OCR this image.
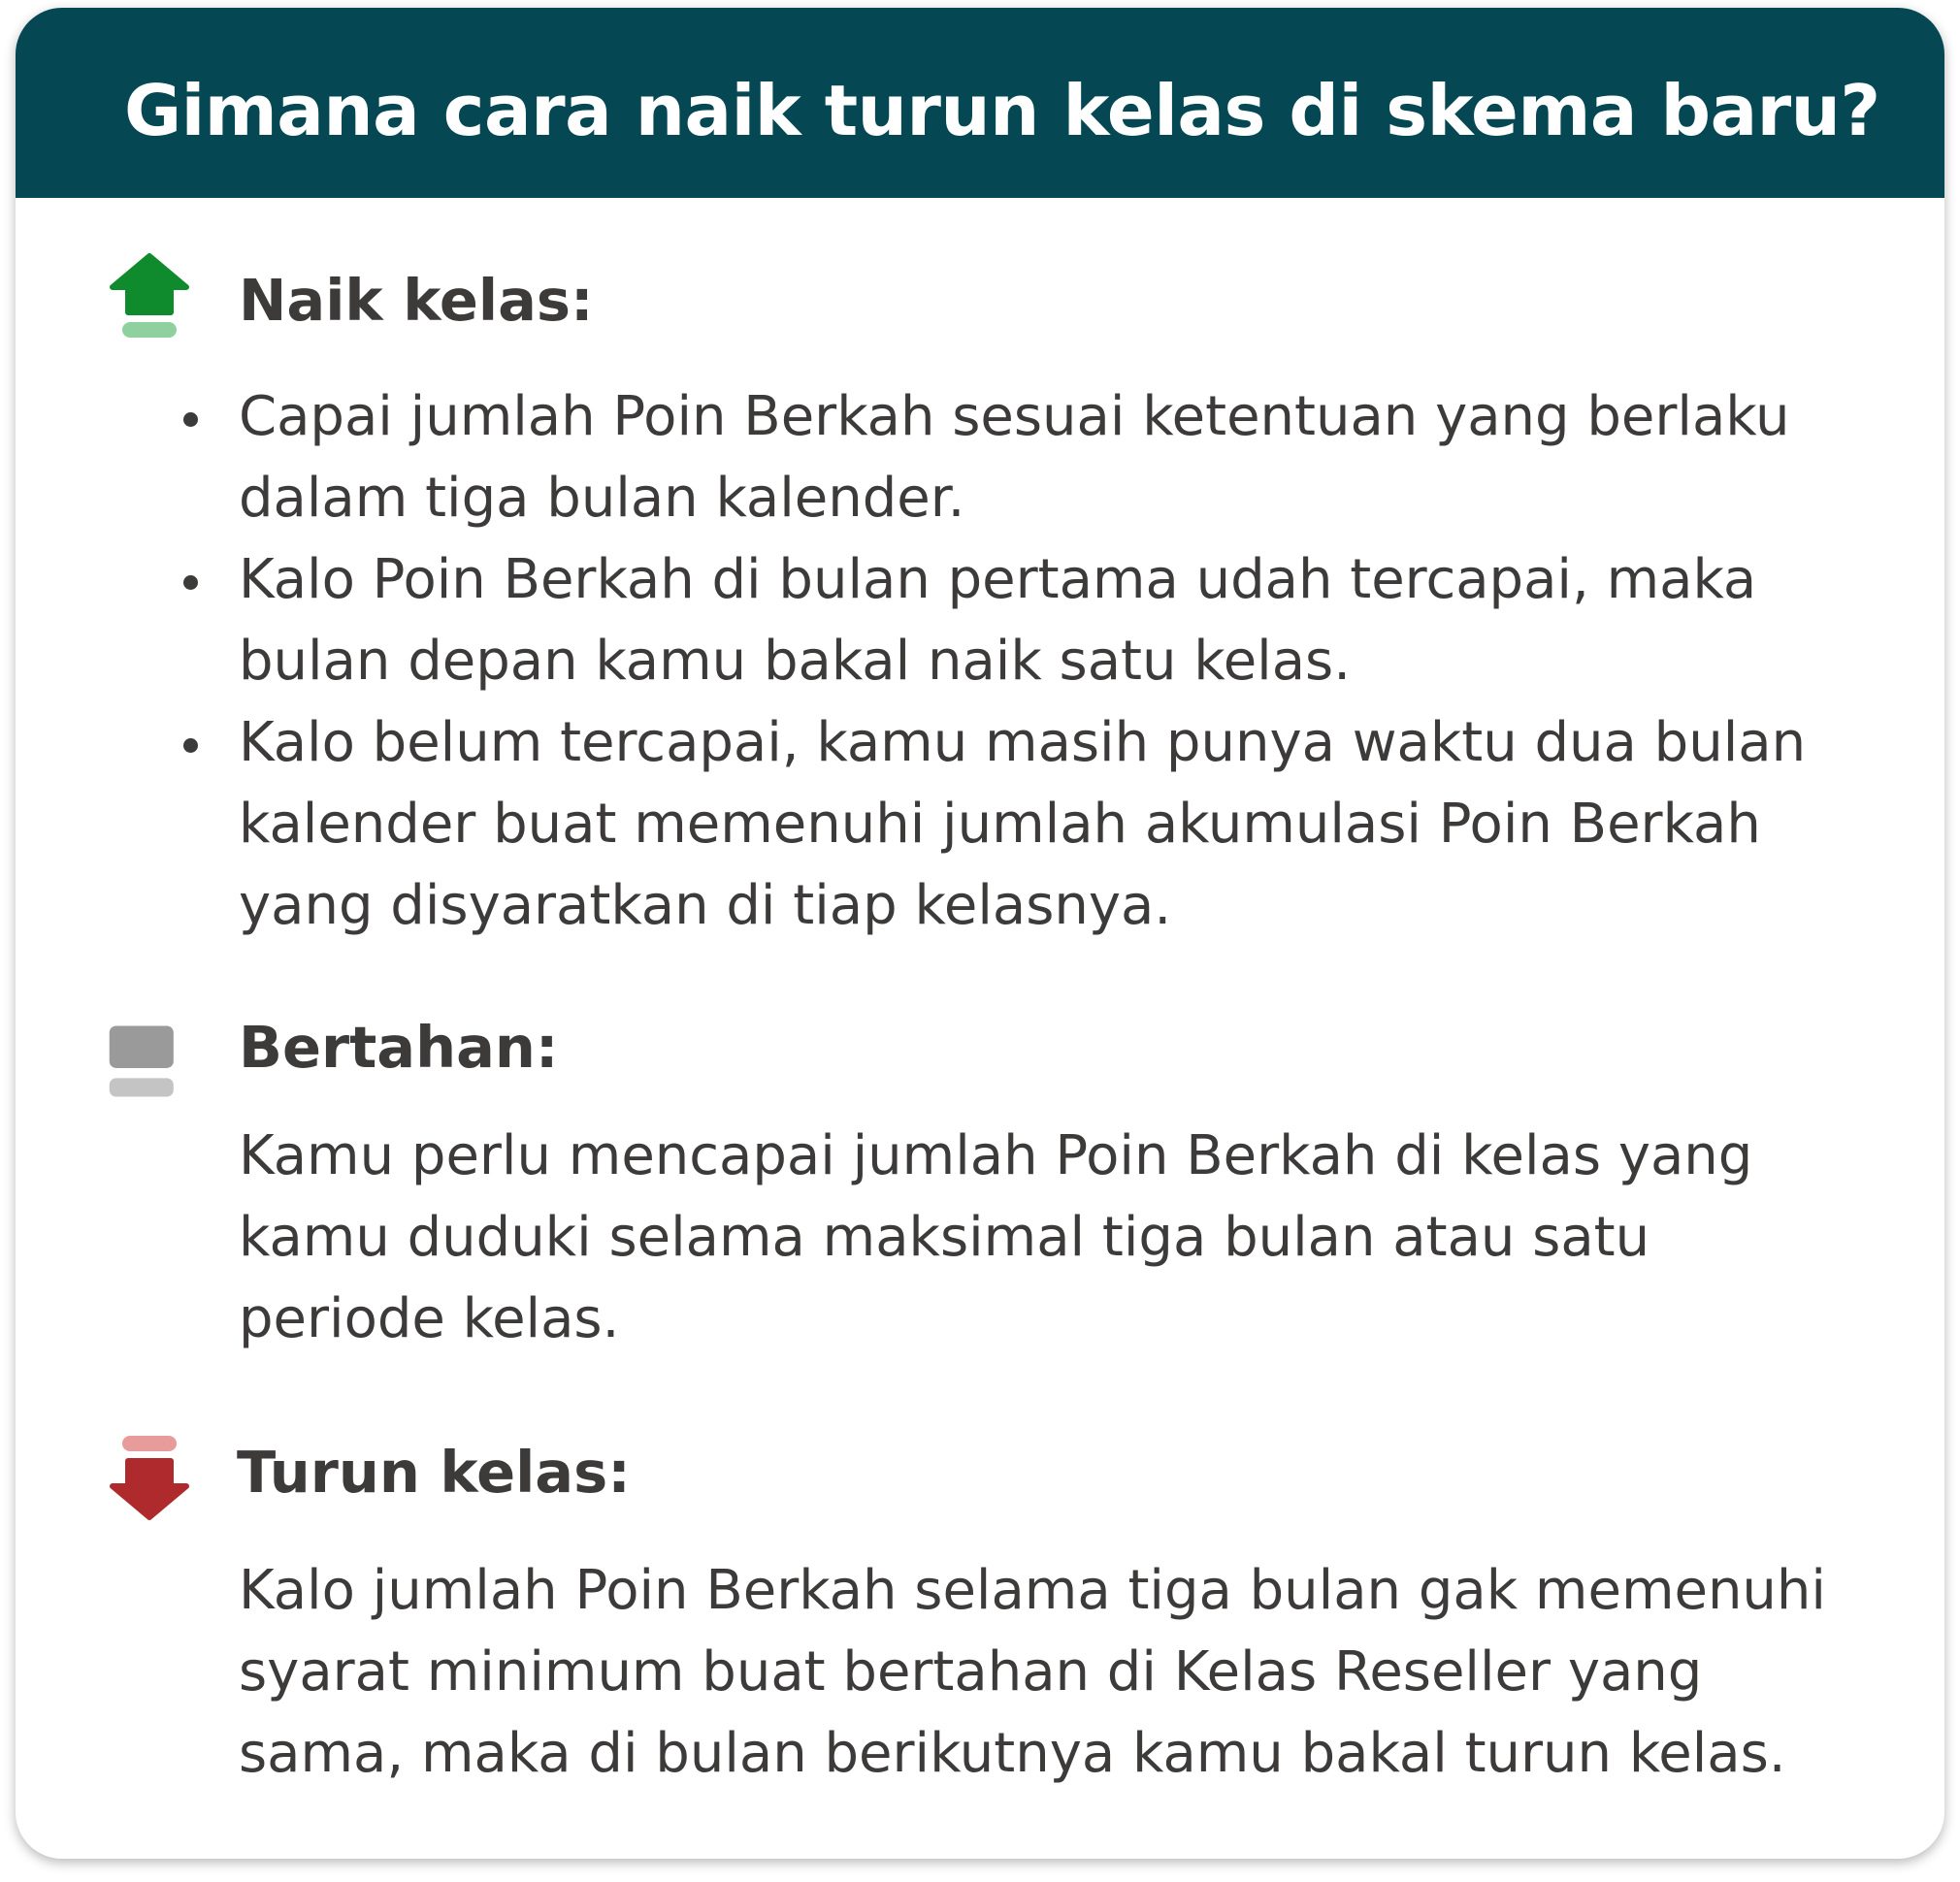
Gimana cara naik turun kelas di skema baru?
Naik kelas:
Capai jumlah Poin Berkah sesuai ketentuan yang berlaku dalam tiga bulan kalender.
Kalo Poin Berkah di bulan pertama udah tercapai, maka bulan depan kamu bakal naik satu kelas.
Kalo belum tercapai, kamu masih punya waktu dua bulan kalender buat memenuhi jumlah akumulasi Poin Berkah yang disyaratkan di tiap kelasnya.
Bertahan:

Kamu perlu mencapai jumlah Poin Berkah di kelas yang kamu duduki selama maksimal tiga bulan atau satu periode kelas.

Turun kelas:

Kalo jumlah Poin Berkah selama tiga bulan gak memenuhi syarat minimum buat bertahan di Kelas Reseller yang sama, maka di bulan berikutnya kamu bakal turun kelas.
